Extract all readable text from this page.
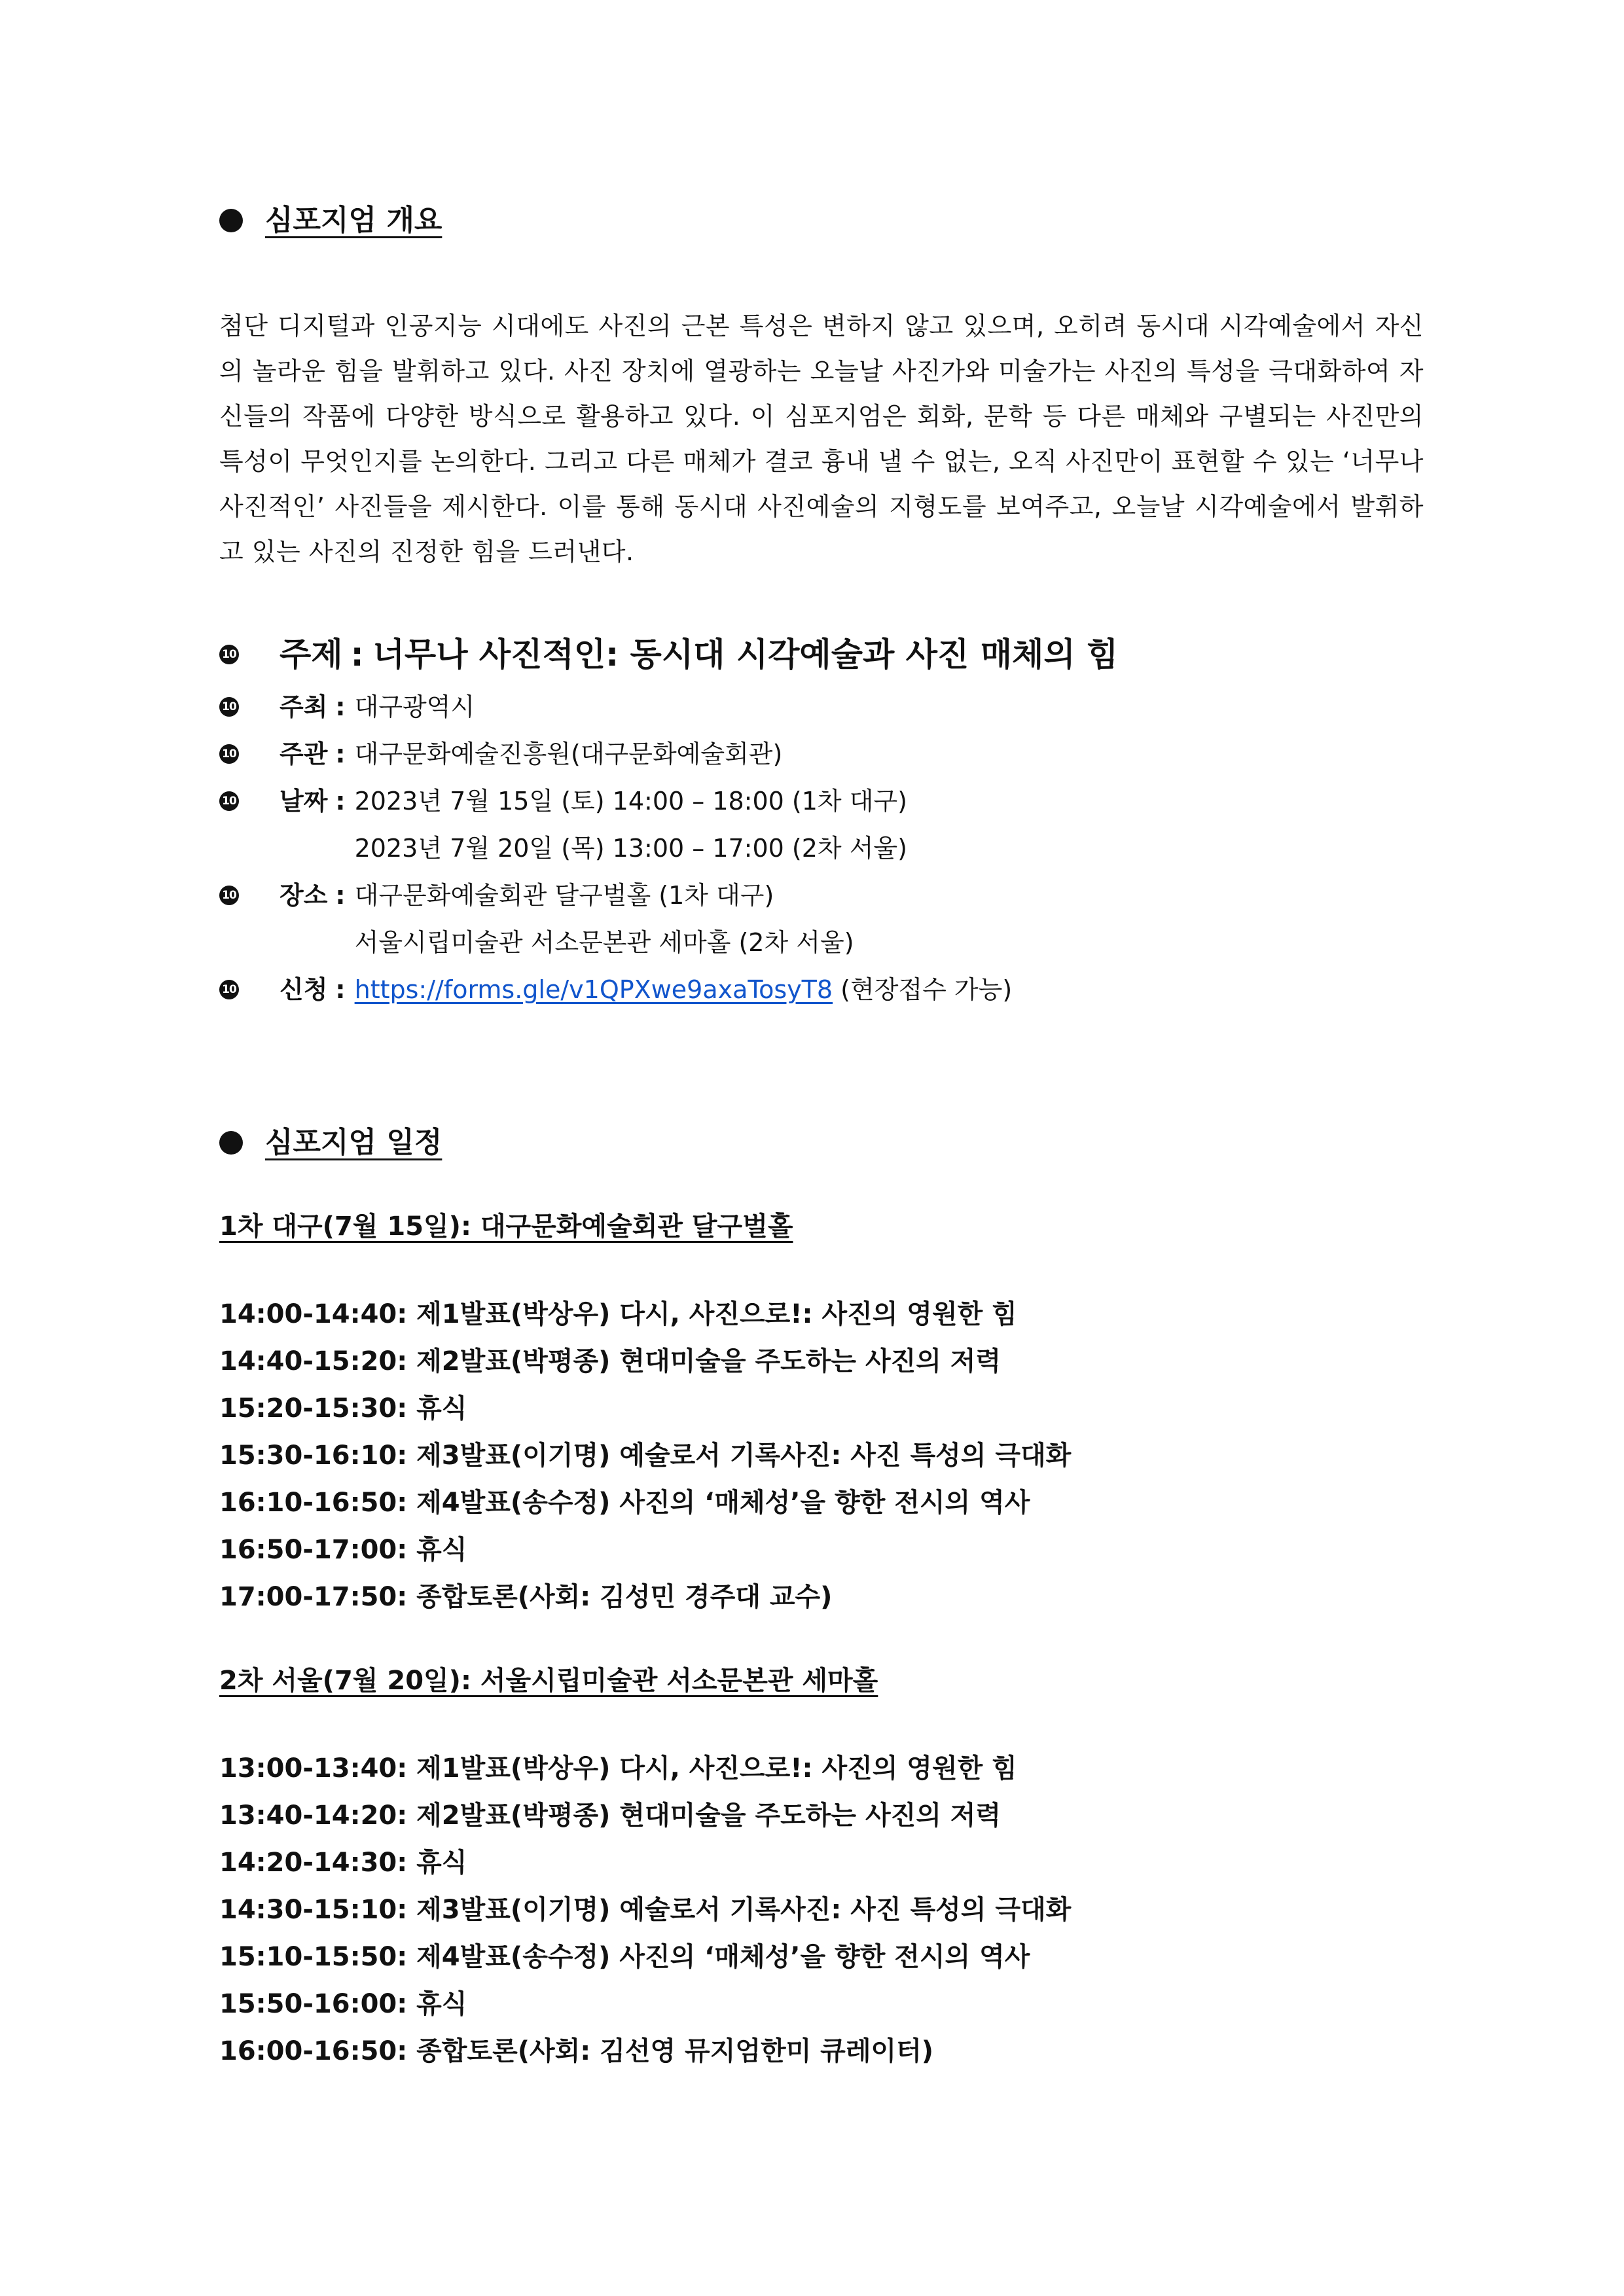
심포지엄 개요

첨단 디지털과 인공지능 시대에도 사진의 근본 특성은 변하지 않고 있으며, 오히려 동시대 시각예술에서 자신의 놀라운 힘을 발휘하고 있다. 사진 장치에 열광하는 오늘날 사진가와 미술가는 사진의 특성을 극대화하여 자신들의 작품에 다양한 방식으로 활용하고 있다. 이 심포지엄은 회화, 문학 등 다른 매체와 구별되는 사진만의 특성이 무엇인지를 논의한다. 그리고 다른 매체가 결코 흉내 낼 수 없는, 오직 사진만이 표현할 수 있는 ‘너무나 사진적인’ 사진들을 제시한다. 이를 통해 동시대 사진예술의 지형도를 보여주고, 오늘날 시각예술에서 발휘하고 있는 사진의 진정한 힘을 드러낸다.

10 주제 : 너무나 사진적인: 동시대 시각예술과 사진 매체의 힘
10 주최 : 대구광역시
10 주관 : 대구문화예술진흥원(대구문화예술회관)
10 날짜 : 2023년 7월 15일 (토) 14:00 – 18:00 (1차 대구)
2023년 7월 20일 (목) 13:00 – 17:00 (2차 서울)
10 장소 : 대구문화예술회관 달구벌홀 (1차 대구)
서울시립미술관 서소문본관 세마홀 (2차 서울)
10 신청 : https://forms.gle/v1QPXwe9axaTosyT8 (현장접수 가능)
심포지엄 일정
1차 대구(7월 15일): 대구문화예술회관 달구벌홀
14:00-14:40: 제1발표(박상우) 다시, 사진으로!: 사진의 영원한 힘
14:40-15:20: 제2발표(박평종) 현대미술을 주도하는 사진의 저력
15:20-15:30: 휴식
15:30-16:10: 제3발표(이기명) 예술로서 기록사진: 사진 특성의 극대화
16:10-16:50: 제4발표(송수정) 사진의 ‘매체성’을 향한 전시의 역사
16:50-17:00: 휴식
17:00-17:50: 종합토론(사회: 김성민 경주대 교수)
2차 서울(7월 20일): 서울시립미술관 서소문본관 세마홀
13:00-13:40: 제1발표(박상우) 다시, 사진으로!: 사진의 영원한 힘
13:40-14:20: 제2발표(박평종) 현대미술을 주도하는 사진의 저력
14:20-14:30: 휴식
14:30-15:10: 제3발표(이기명) 예술로서 기록사진: 사진 특성의 극대화
15:10-15:50: 제4발표(송수정) 사진의 ‘매체성’을 향한 전시의 역사
15:50-16:00: 휴식
16:00-16:50: 종합토론(사회: 김선영 뮤지엄한미 큐레이터)
